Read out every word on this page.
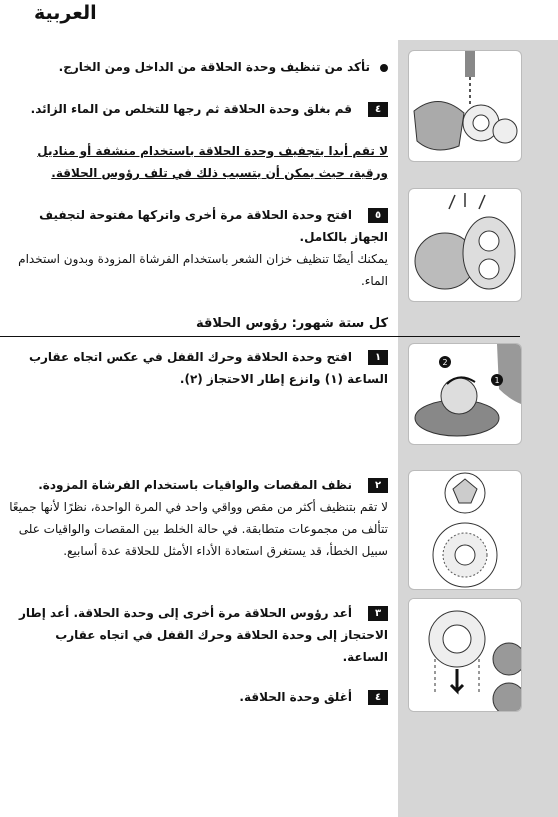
العربية
2
1
تأكد من تنظيف وحدة الحلاقة من الداخل ومن الخارج.
٤قم بغلق وحدة الحلاقة ثم رجها للتخلص من الماء الزائد.
لا تقم أبدا بتجفيف وحدة الحلاقة باستخدام منشفة أو مناديل ورقية، حيث يمكن أن يتسبب ذلك في تلف رؤوس الحلاقة.
٥افتح وحدة الحلاقة مرة أخرى واتركها مفتوحة لتجفيف الجهاز بالكامل.
يمكنك أيضًا تنظيف خزان الشعر باستخدام الفرشاة المزودة وبدون استخدام الماء.
كل ستة شهور: رؤوس الحلاقة
١افتح وحدة الحلاقة وحرك القفل في عكس اتجاه عقارب الساعة (١) وانزع إطار الاحتجاز (٢).
٢نظف المقصات والواقيات باستخدام الفرشاة المزودة.
لا تقم بتنظيف أكثر من مقص وواقي واحد في المرة الواحدة، نظرًا لأنها جميعًا تتألف من مجموعات متطابقة. في حالة الخلط بين المقصات والواقيات على سبيل الخطأ، قد يستغرق استعادة الأداء الأمثل للحلاقة عدة أسابيع.
٣أعد رؤوس الحلاقة مرة أخرى إلى وحدة الحلاقة. أعد إطار الاحتجاز إلى وحدة الحلاقة وحرك القفل في اتجاه عقارب الساعة.
٤أغلق وحدة الحلاقة.
